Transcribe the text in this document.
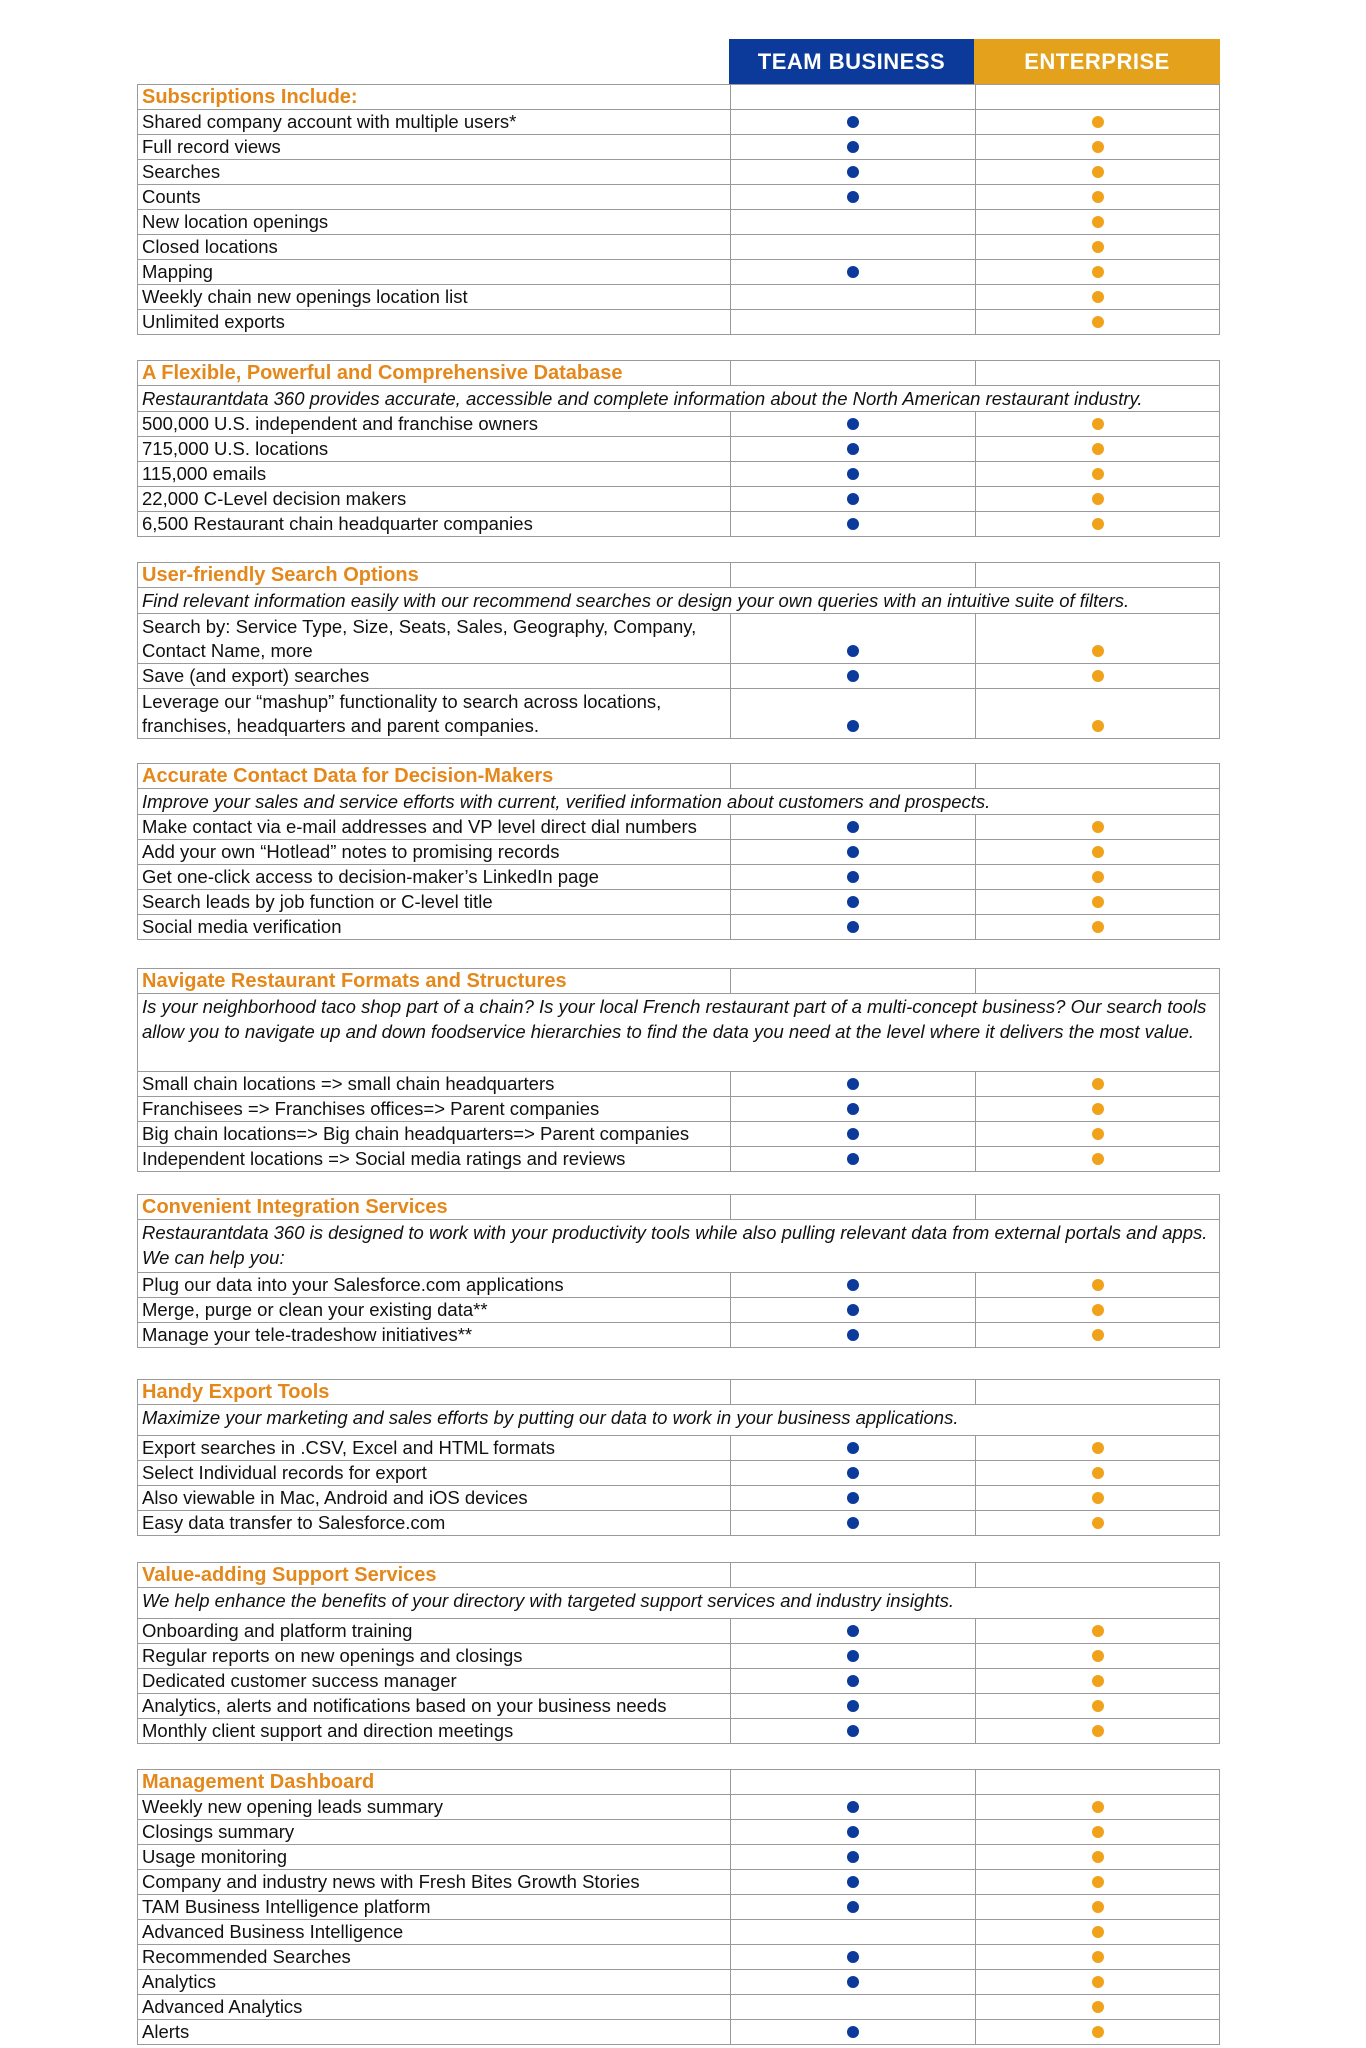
TEAM BUSINESS	ENTERPRISE
Subscriptions Include:
Shared company account with multiple users*
Full record views
Searches
Counts
New location openings
Closed locations
Mapping
Weekly chain new openings location list
Unlimited exports
A Flexible, Powerful and Comprehensive Database
Restaurantdata 360 provides accurate, accessible and complete information about the North American restaurant industry.
500,000 U.S. independent and franchise owners
715,000 U.S. locations
115,000 emails
22,000 C-Level decision makers
6,500 Restaurant chain headquarter companies
User-friendly Search Options
Find relevant information easily with our recommend searches or design your own queries with an intuitive suite of filters.
Search by: Service Type, Size, Seats, Sales, Geography, Company, Contact Name, more
Save (and export) searches
Leverage our “mashup” functionality to search across locations, franchises, headquarters and parent companies.
Accurate Contact Data for Decision-Makers
Improve your sales and service efforts with current, verified information about customers and prospects.
Make contact via e-mail addresses and VP level direct dial numbers
Add your own “Hotlead” notes to promising records
Get one-click access to decision-maker’s LinkedIn page
Search leads by job function or C-level title
Social media verification
Navigate Restaurant Formats and Structures
Is your neighborhood taco shop part of a chain? Is your local French restaurant part of a multi-concept business? Our search tools allow you to navigate up and down foodservice hierarchies to find the data you need at the level where it delivers the most value.
Small chain locations => small chain headquarters
Franchisees => Franchises offices=> Parent companies
Big chain locations=> Big chain headquarters=> Parent companies
Independent locations => Social media ratings and reviews
Convenient Integration Services
Restaurantdata 360 is designed to work with your productivity tools while also pulling relevant data from external portals and apps. We can help you:
Plug our data into your Salesforce.com applications
Merge, purge or clean your existing data**
Manage your tele-tradeshow initiatives**
Handy Export Tools
Maximize your marketing and sales efforts by putting our data to work in your business applications.
Export searches in .CSV, Excel and HTML formats
Select Individual records for export
Also viewable in Mac, Android and iOS devices
Easy data transfer to Salesforce.com
Value-adding Support Services
We help enhance the benefits of your directory with targeted support services and industry insights.
Onboarding and platform training
Regular reports on new openings and closings
Dedicated customer success manager
Analytics, alerts and notifications based on your business needs
Monthly client support and direction meetings
Management Dashboard
Weekly new opening leads summary
Closings summary
Usage monitoring
Company and industry news with Fresh Bites Growth Stories
TAM Business Intelligence platform
Advanced Business Intelligence
Recommended Searches
Analytics
Advanced Analytics
Alerts
